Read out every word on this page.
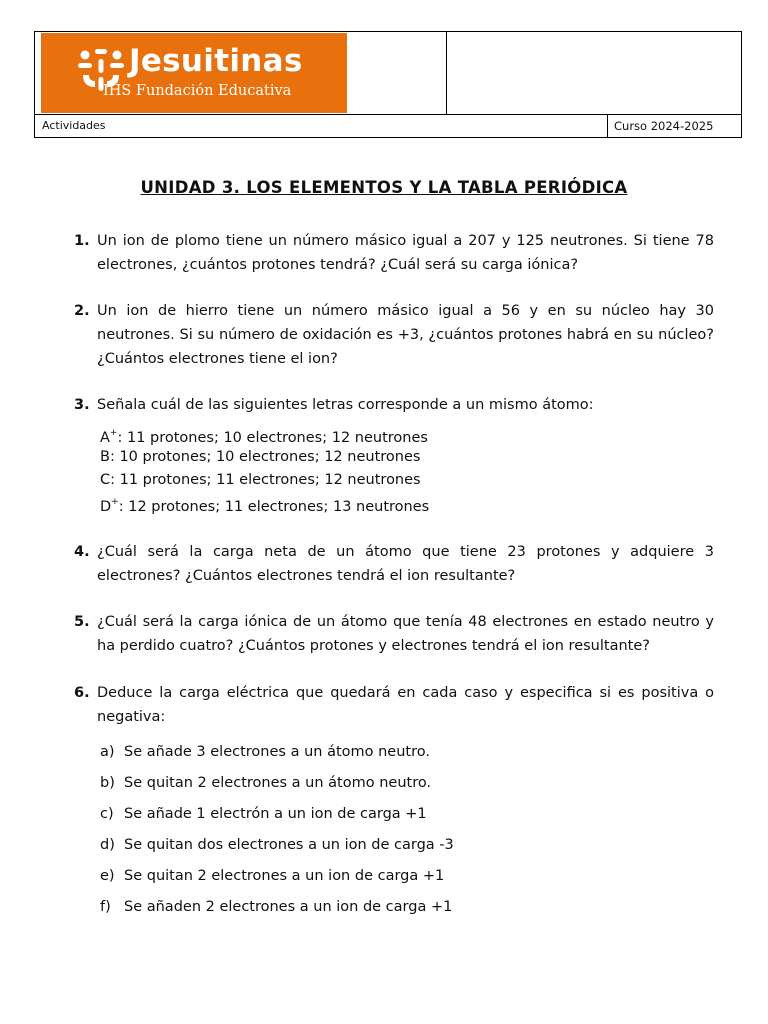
Jesuitinas
IHS Fundación Educativa
Actividades	Curso 2024-2025
UNIDAD 3. LOS ELEMENTOS Y LA TABLA PERIÓDICA
1. Un ion de plomo tiene un número másico igual a 207 y 125 neutrones. Si tiene 78 electrones, ¿cuántos protones tendrá? ¿Cuál será su carga iónica?
2. Un ion de hierro tiene un número másico igual a 56 y en su núcleo hay 30 neutrones. Si su número de oxidación es +3, ¿cuántos protones habrá en su núcleo? ¿Cuántos electrones tiene el ion?
3. Señala cuál de las siguientes letras corresponde a un mismo átomo:
A+: 11 protones; 10 electrones; 12 neutrones
B: 10 protones; 10 electrones; 12 neutrones
C: 11 protones; 11 electrones; 12 neutrones
D+: 12 protones; 11 electrones; 13 neutrones
4. ¿Cuál será la carga neta de un átomo que tiene 23 protones y adquiere 3 electrones? ¿Cuántos electrones tendrá el ion resultante?
5. ¿Cuál será la carga iónica de un átomo que tenía 48 electrones en estado neutro y ha perdido cuatro? ¿Cuántos protones y electrones tendrá el ion resultante?
6. Deduce la carga eléctrica que quedará en cada caso y especifica si es positiva o negativa:
a) Se añade 3 electrones a un átomo neutro.
b) Se quitan 2 electrones a un átomo neutro.
c) Se añade 1 electrón a un ion de carga +1
d) Se quitan dos electrones a un ion de carga -3
e) Se quitan 2 electrones a un ion de carga +1
f) Se añaden 2 electrones a un ion de carga +1
